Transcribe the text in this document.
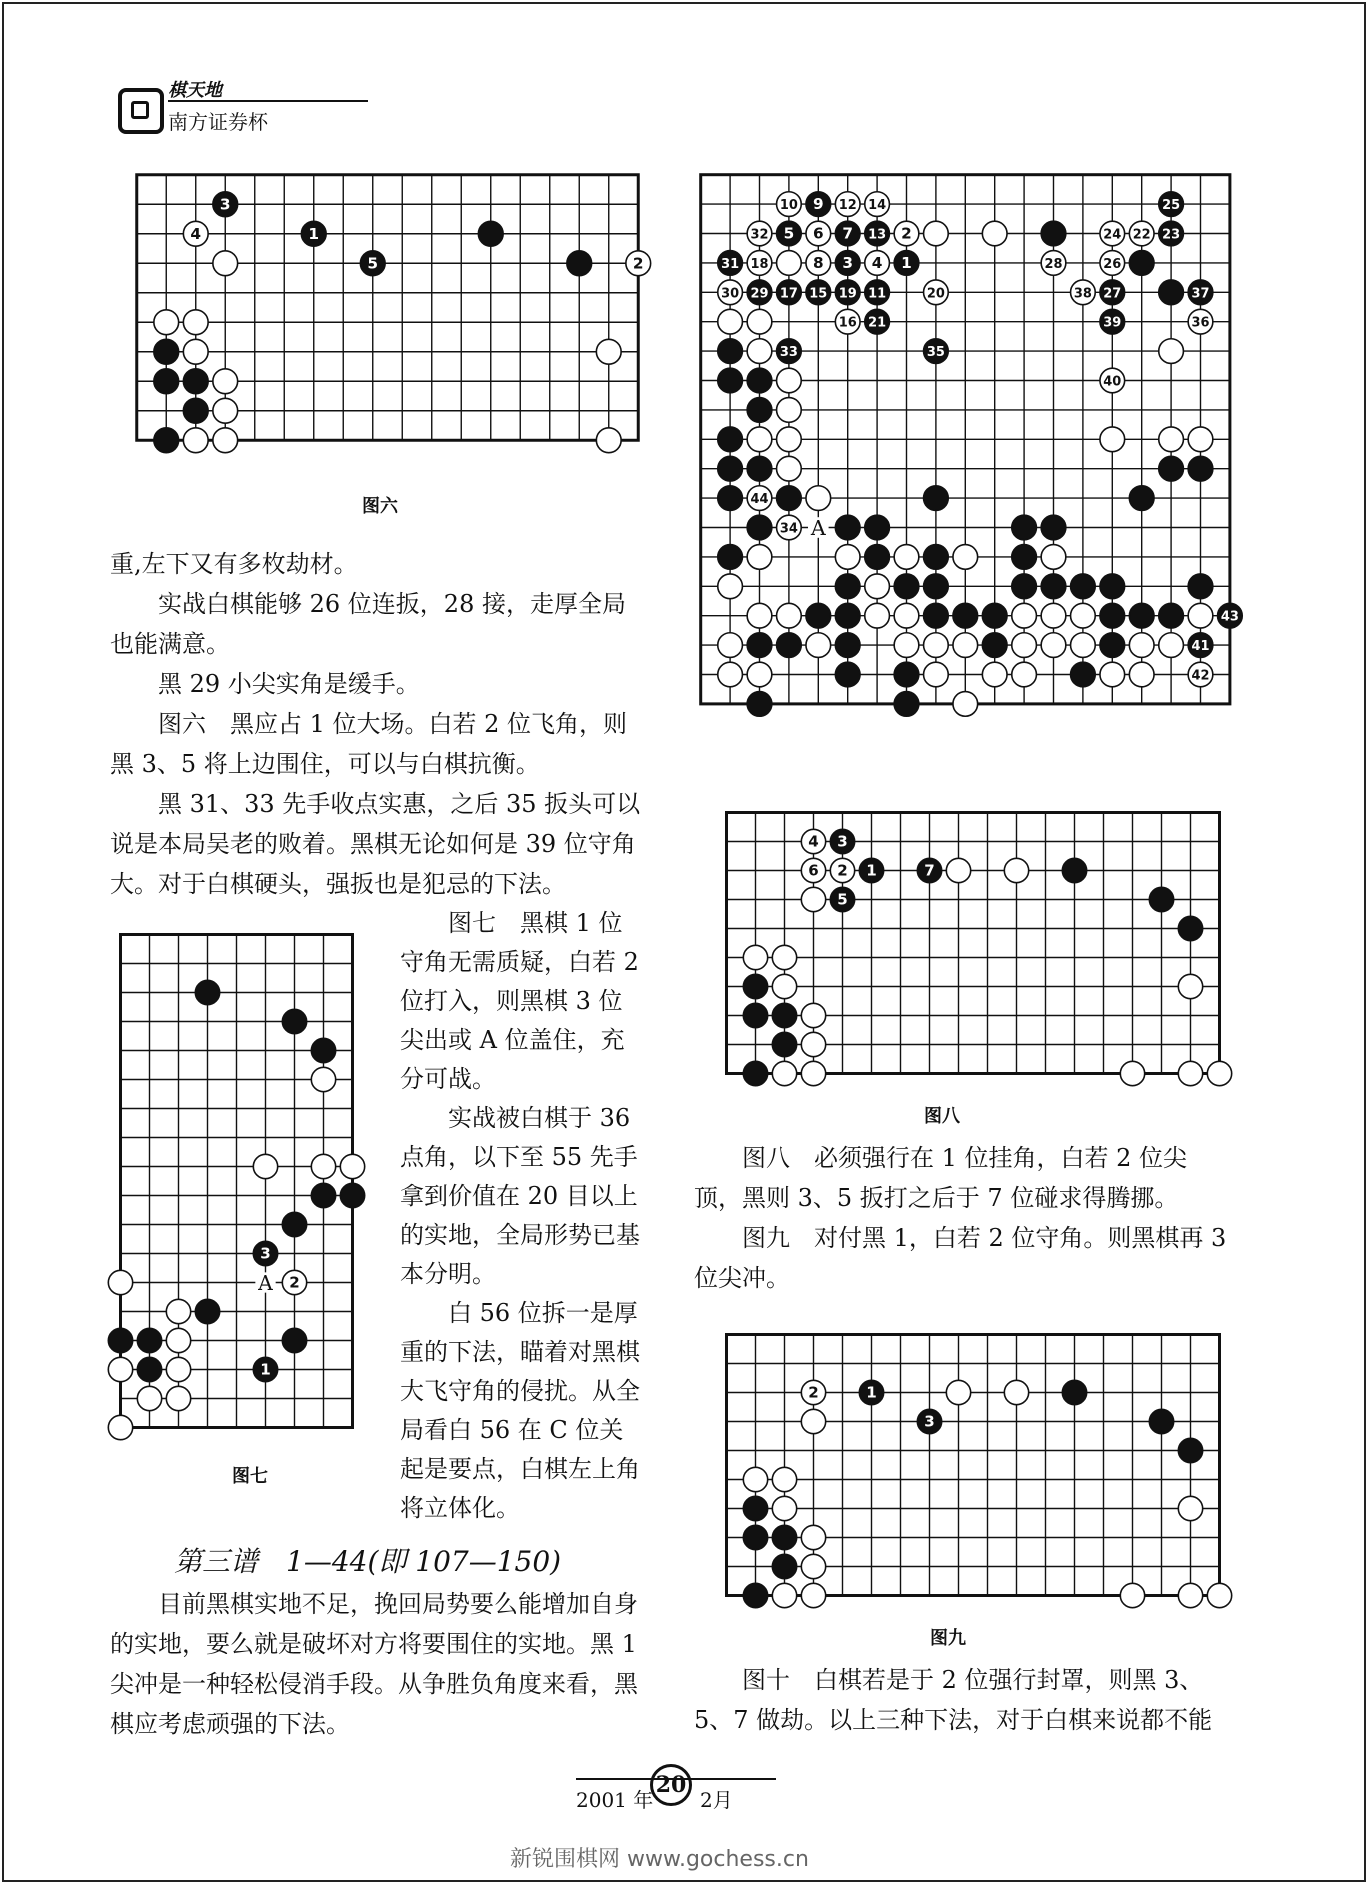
棋天地
南方证券杯
3
4	1
5	2
图六
10 9 12 14	25
32 5 6 7 13 2	24 22 23
31 18	8 3 4 1	28	26
30 29 17 15 19 11	20	38 27	37
16 21	39	36
33	35
40
44
34
43
41
42
A
4 3
6 2 1	7
5
图八
3
2
1
A
图七
2	1
3
图九

重,左下又有多枚劫材。

实战白棋能够 26 位连扳，28 接，走厚全局也能满意。

黑 29 小尖实角是缓手。

图六　黑应占 1 位大场。白若 2 位飞角，则黑 3、5 将上边围住，可以与白棋抗衡。

黑 31、33 先手收点实惠，之后 35 扳头可以说是本局吴老的败着。黑棋无论如何是 39 位守角大。对于白棋硬头，强扳也是犯忌的下法。

图七　黑棋 1 位守角无需质疑，白若 2 位打入，则黑棋 3 位尖出或 A 位盖住，充分可战。

实战被白棋于 36 点角，以下至 55 先手拿到价值在 20 目以上的实地，全局形势已基本分明。

白 56 位拆一是厚重的下法，瞄着对黑棋大飞守角的侵扰。从全局看白 56 在 C 位关起是要点，白棋左上角将立体化。

第三谱　1—44(即 107—150)

目前黑棋实地不足，挽回局势要么能增加自身的实地，要么就是破坏对方将要围住的实地。黑 1 尖冲是一种轻松侵消手段。从争胜负角度来看，黑棋应考虑顽强的下法。

图八　必须强行在 1 位挂角，白若 2 位尖顶，黑则 3、5 扳打之后于 7 位碰求得腾挪。

图九　对付黑 1，白若 2 位守角。则黑棋再 3 位尖冲。

图十　白棋若是于 2 位强行封罩，则黑 3、5、7 做劫。以上三种下法，对于白棋来说都不能

2001 年
20
2月
新锐围棋网 www.gochess.cn
